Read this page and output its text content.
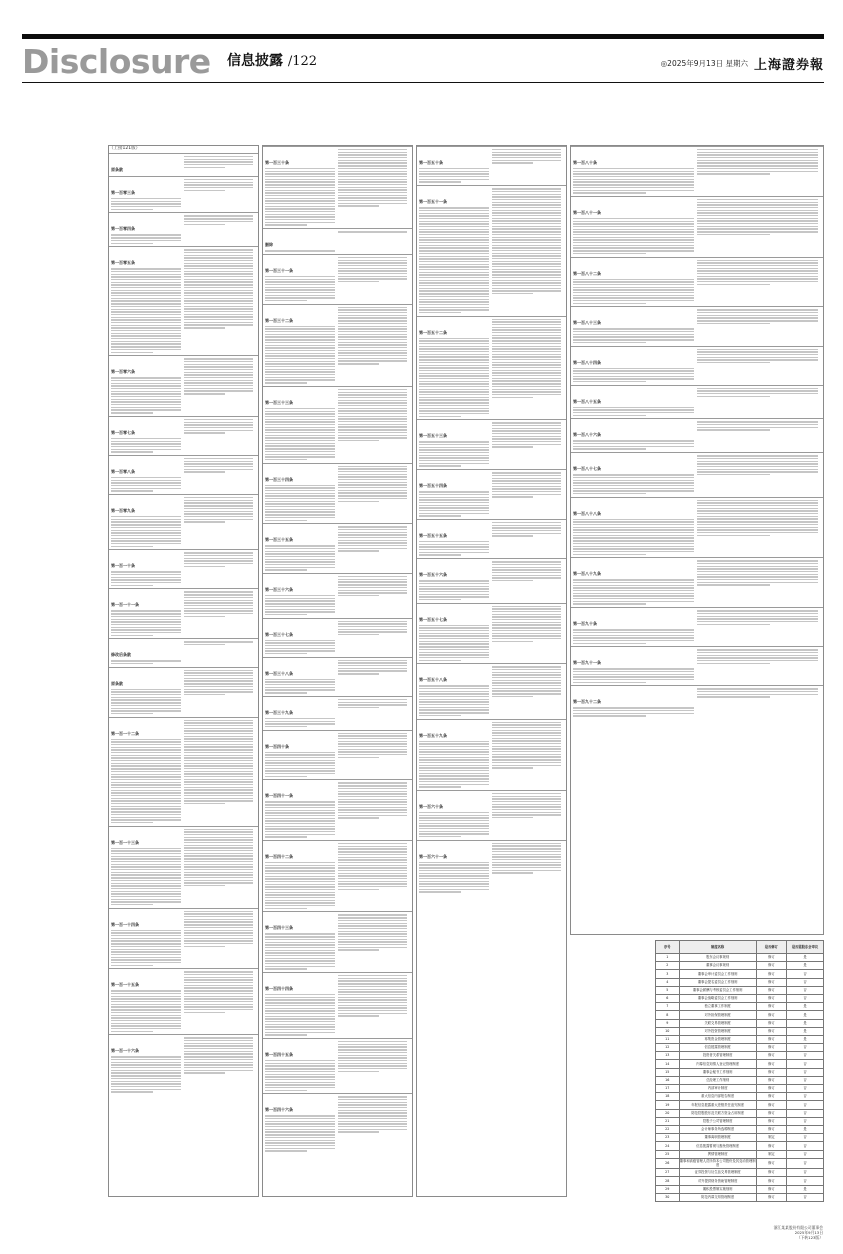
Disclosure 信息披露 /122	◎2025年9月13日 星期六 上海證券報
（上接121版）
原条款
第一百零三条
第一百零四条
第一百零五条
第一百零六条
第一百零七条
第一百零八条
第一百零九条
第一百一十条
第一百一十一条
修改后条款
原条款
第一百一十二条
第一百一十三条
第一百一十四条
第一百一十五条
第一百一十六条
第一百三十条
删除
第一百三十一条
第一百三十二条
第一百三十三条
第一百三十四条
第一百三十五条
第一百三十六条
第一百三十七条
第一百三十八条
第一百三十九条
第一百四十条
第一百四十一条
第一百四十二条
第一百四十三条
第一百四十四条
第一百四十五条
第一百四十六条
第一百五十条
第一百五十一条
第一百五十二条
第一百五十三条
第一百五十四条
第一百五十五条
第一百五十六条
第一百五十七条
第一百五十八条
第一百五十九条
第一百六十条
第一百六十一条
第一百八十条
第一百八十一条
第一百八十二条
第一百八十三条
第一百八十四条
第一百八十五条
第一百八十六条
第一百八十七条
第一百八十八条
第一百八十九条
第一百九十条
第一百九十一条
第一百九十二条
序号	制度名称	是否修订	是否需股东会审议
1	股东会议事规则	修订	是
2	董事会议事规则	修订	是
3	董事会审计委员会工作细则	修订	否
4	董事会提名委员会工作细则	修订	否
5	董事会薪酬与考核委员会工作细则	修订	否
6	董事会战略委员会工作细则	修订	否
7	独立董事工作制度	修订	是
8	对外担保管理制度	修订	是
9	关联交易管理制度	修订	是
10	对外投资管理制度	修订	是
11	募集资金管理制度	修订	是
12	信息披露管理制度	修订	否
13	投资者关系管理制度	修订	否
14	内幕信息知情人登记管理制度	修订	否
15	董事会秘书工作细则	修订	否
16	总经理工作细则	修订	否
17	内部审计制度	修订	否
18	重大信息内部报告制度	修订	否
19	年报信息披露重大差错责任追究制度	修订	否
20	防范控股股东及关联方资金占用制度	修订	否
21	控股子公司管理制度	修订	否
22	会计师事务所选聘制度	修订	是
23	董事离职管理制度	制定	否
24	信息披露暂缓与豁免管理制度	修订	否
25	舆情管理制度	制定	否
26	董事和高级管理人员所持本公司股份及其变动管理制度	修订	否
27	证券投资与衍生品交易管理制度	修订	否
28	对外提供财务资助管理制度	修订	否
29	累积投票制实施细则	修订	是
30	防范内幕交易管理制度	修订	否
浙江某某股份有限公司董事会
2025年9月13日
（下转123版）
